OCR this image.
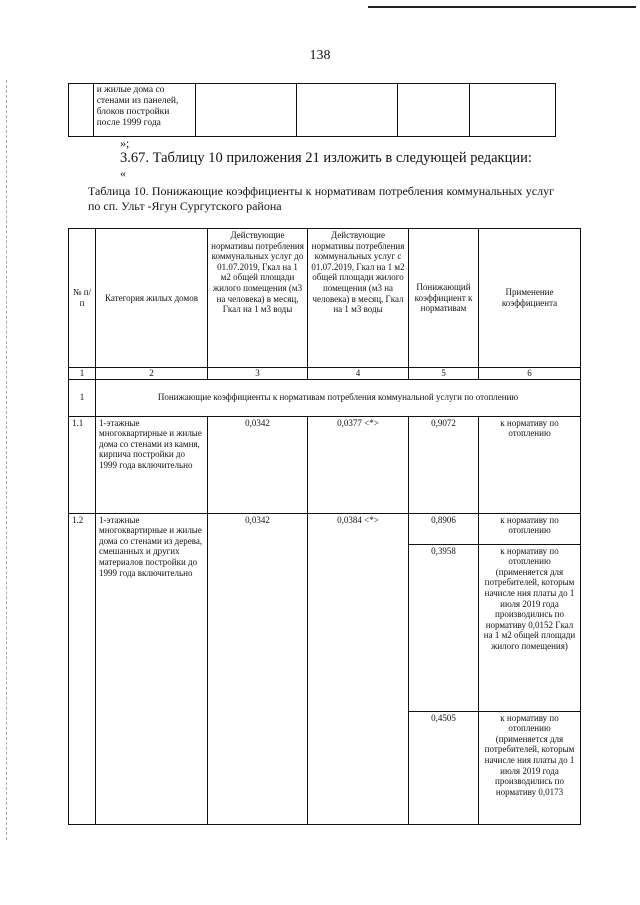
138
	и жилые дома со стенами из панелей, блоков постройки после 1999 года				
»;
3.67. Таблицу 10 приложения 21 изложить в следующей редакции:
«
Таблица 10. Понижающие коэффициенты к нормативам потребления коммунальных услуг по сп. Ульт -Ягун Сургутского района
№ п/п	Категория жилых домов	Действующие нормативы потребления коммунальных услуг до 01.07.2019, Гкал на 1 м2 общей площади жилого помещения (м3 на человека) в месяц, Гкал на 1 м3 воды	Действующие нормативы потребления коммунальных услуг с 01.07.2019, Гкал на 1 м2 общей площади жилого помещения (м3 на человека) в месяц, Гкал на 1 м3 воды	Понижающий коэффициент к нормативам	Применение коэффициента
1	2	3	4	5	6
1	Понижающие коэффициенты к нормативам потребления коммунальной услуги по отоплению				
1.1	1-этажные многоквартирные и жилые дома со стенами из камня, кирпича постройки до 1999 года включительно	0,0342	0,0377 <*>	0,9072	к нормативу по отоплению
1.2	1-этажные многоквартирные и жилые дома со стенами из дерева, смешанных и других материалов постройки до 1999 года включительно	0,0342	0,0384 <*>	0,8906	к нормативу по отоплению
				0,3958	к нормативу по отоплению (применяется для потребителей, которым начисле ния платы до 1 июля 2019 года производились по нормативу 0,0152 Гкал на 1 м2 общей площади жилого помещения)
				0,4505	к нормативу по отоплению (применяется для потребителей, которым начисле ния платы до 1 июля 2019 года производились по нормативу 0,0173
